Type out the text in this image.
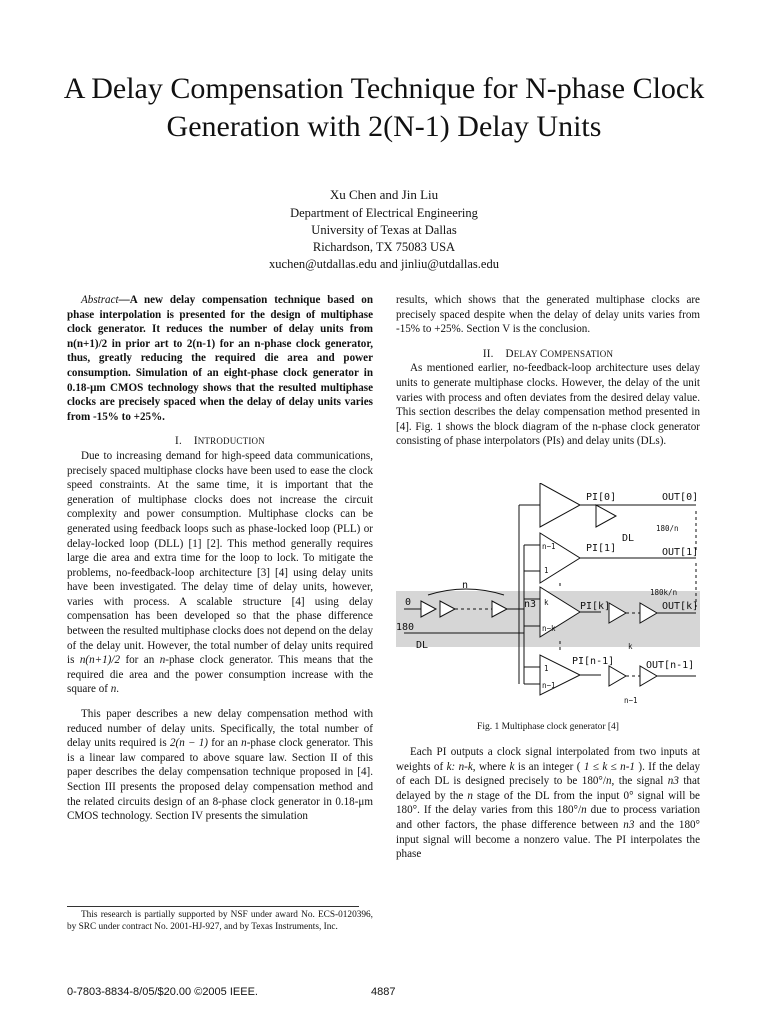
A Delay Compensation Technique for N-phase Clock
Generation with 2(N-1) Delay Units
Xu Chen and Jin Liu
Department of Electrical Engineering
University of Texas at Dallas
Richardson, TX 75083 USA
xuchen@utdallas.edu and jinliu@utdallas.edu

Abstract—A new delay compensation technique based on phase interpolation is presented for the design of multiphase clock generator. It reduces the number of delay units from n(n+1)/2 in prior art to 2(n-1) for an n-phase clock generator, thus, greatly reducing the required die area and power consumption. Simulation of an eight-phase clock generator in 0.18-μm CMOS technology shows that the resulted multiphase clocks are precisely spaced when the delay of delay units varies from -15% to +25%.

I. INTRODUCTION

Due to increasing demand for high-speed data communications, precisely spaced multiphase clocks have been used to ease the clock speed constraints. At the same time, it is important that the generation of multiphase clocks does not increase the circuit complexity and power consumption. Multiphase clocks can be generated using feedback loops such as phase-locked loop (PLL) or delay-locked loop (DLL) [1] [2]. This method generally requires large die area and extra time for the loop to lock. To mitigate the problems, no-feedback-loop architecture [3] [4] using delay units have been investigated. The delay time of delay units, however, varies with process. A scalable structure [4] using delay compensation has been developed so that the phase difference between the resulted multiphase clocks does not depend on the delay of the delay unit. However, the total number of delay units required is n(n+1)/2 for an n-phase clock generator. This means that the required die area and the power consumption increase with the square of n.

This paper describes a new delay compensation method with reduced number of delay units. Specifically, the total number of delay units required is 2(n − 1) for an n-phase clock generator. This is a linear law compared to above square law. Section II of this paper describes the delay compensation technique proposed in [4]. Section III presents the proposed delay compensation method and the related circuits design of an 8-phase clock generator in 0.18-μm CMOS technology. Section IV presents the simulation

results, which shows that the generated multiphase clocks are precisely spaced despite when the delay of delay units varies from -15% to +25%. Section V is the conclusion.

II. DELAY COMPENSATION

As mentioned earlier, no-feedback-loop architecture uses delay units to generate multiphase clocks. However, the delay of the unit varies with process and often deviates from the desired delay value. This section describes the delay compensation method presented in [4]. Fig. 1 shows the block diagram of the n-phase clock generator consisting of phase interpolators (PIs) and delay units (DLs).

PI[0]	OUT[0]
PI[1]
DL
OUT[1]
n
n3	PI[k]	OUT[k]
0
180
DL
PI[n-1]	OUT[n-1]
180/n
180k/n
k
n−1
n−1
1
k
n−k
1
n−1
Fig. 1 Multiphase clock generator [4]

Each PI outputs a clock signal interpolated from two inputs at weights of k: n-k, where k is an integer ( 1 ≤ k ≤ n-1 ). If the delay of each DL is designed precisely to be 180°/n, the signal n3 that delayed by the n stage of the DL from the input 0° signal will be 180°. If the delay varies from this 180°/n due to process variation and other factors, the phase difference between n3 and the 180° input signal will become a nonzero value. The PI interpolates the phase

This research is partially supported by NSF under award No. ECS-0120396, by SRC under contract No. 2001-HJ-927, and by Texas Instruments, Inc.

0-7803-8834-8/05/$20.00 ©2005 IEEE.	4887
